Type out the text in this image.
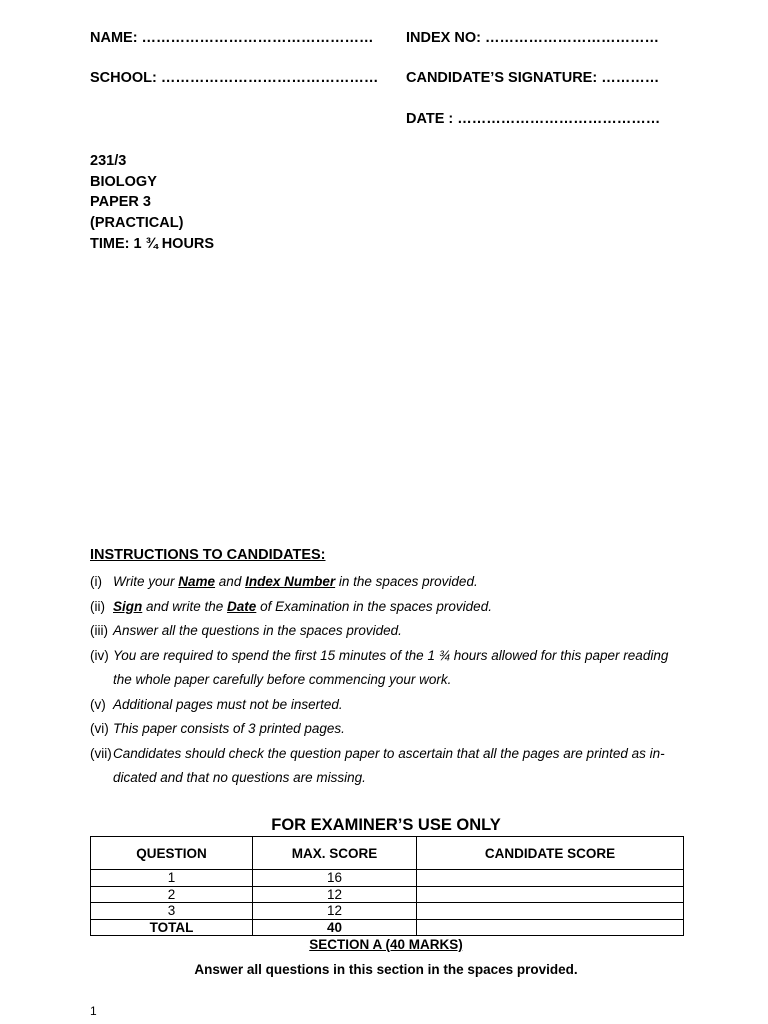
NAME: ………………………………………… INDEX NO: ………………………………
SCHOOL: ……………………………………… CANDIDATE’S SIGNATURE: …………
DATE : ……………………………………
231/3
BIOLOGY
PAPER 3
(PRACTICAL)
TIME: 1 ¾ HOURS
INSTRUCTIONS TO CANDIDATES:
(i) Write your Name and Index Number in the spaces provided.
(ii) Sign and write the Date of Examination in the spaces provided.
(iii) Answer all the questions in the spaces provided.
(iv) You are required to spend the first 15 minutes of the 1 ¾ hours allowed for this paper reading
the whole paper carefully before commencing your work.
(v) Additional pages must not be inserted.
(vi) This paper consists of 3 printed pages.
(vii) Candidates should check the question paper to ascertain that all the pages are printed as in-
dicated and that no questions are missing.
FOR EXAMINER’S USE ONLY
QUESTION	MAX. SCORE	CANDIDATE SCORE
1	16	
2	12	
3	12	
TOTAL	40	
SECTION A (40 MARKS)
Answer all questions in this section in the spaces provided.
1
